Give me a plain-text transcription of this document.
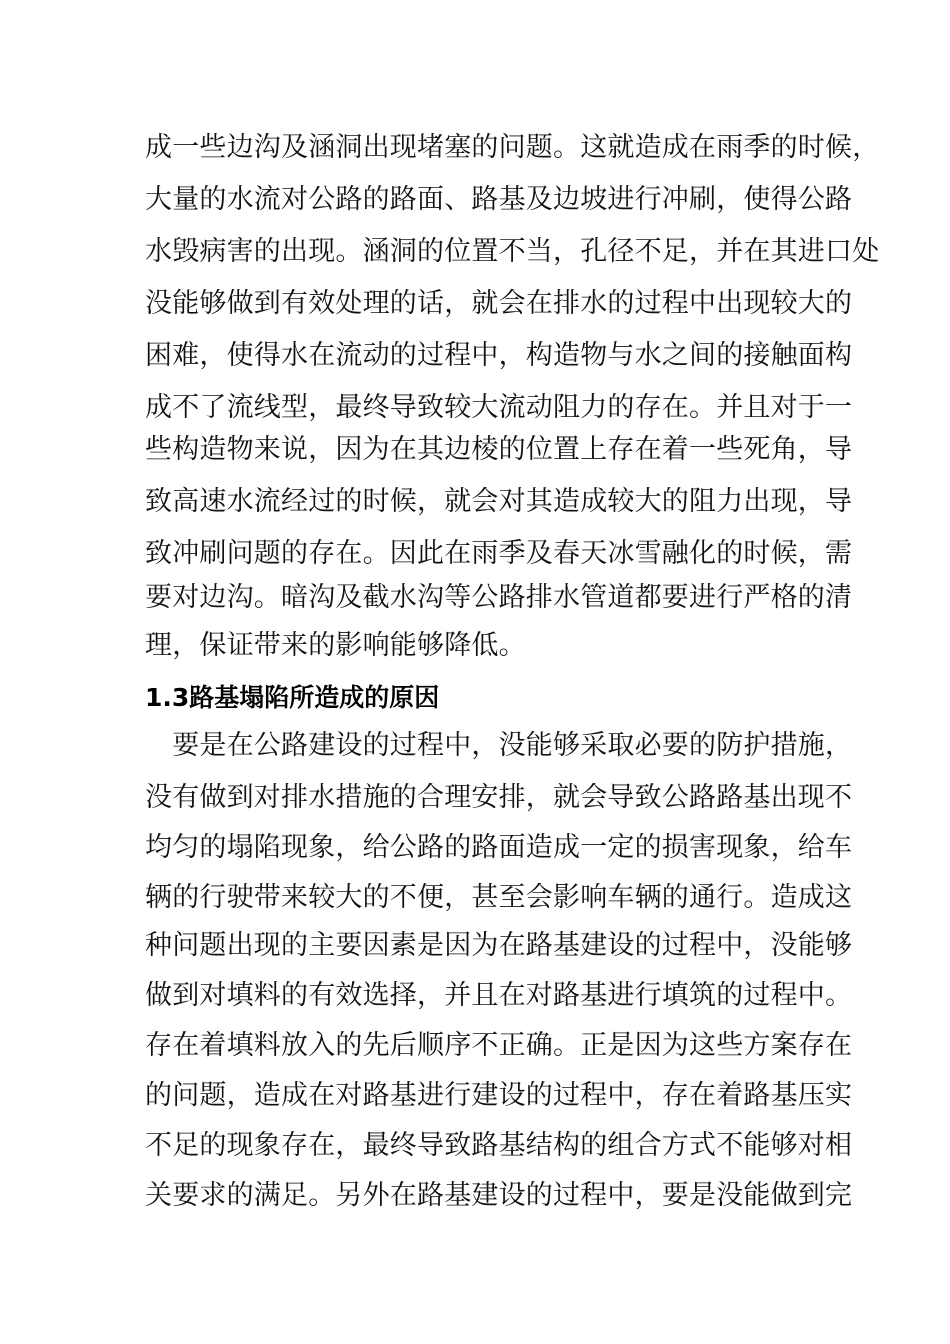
成一些边沟及涵洞出现堵塞的问题。这就造成在雨季的时候，
大量的水流对公路的路面、路基及边坡进行冲刷，使得公路
水毁病害的出现。涵洞的位置不当，孔径不足，并在其进口处
没能够做到有效处理的话，就会在排水的过程中出现较大的
困难，使得水在流动的过程中，构造物与水之间的接触面构
成不了流线型，最终导致较大流动阻力的存在。并且对于一
些构造物来说，因为在其边棱的位置上存在着一些死角，导
致高速水流经过的时候，就会对其造成较大的阻力出现，导
致冲刷问题的存在。因此在雨季及春天冰雪融化的时候，需
要对边沟。暗沟及截水沟等公路排水管道都要进行严格的清
理，保证带来的影响能够降低。
1.3路基塌陷所造成的原因
　要是在公路建设的过程中，没能够采取必要的防护措施，
没有做到对排水措施的合理安排，就会导致公路路基出现不
均匀的塌陷现象，给公路的路面造成一定的损害现象，给车
辆的行驶带来较大的不便，甚至会影响车辆的通行。造成这
种问题出现的主要因素是因为在路基建设的过程中，没能够
做到对填料的有效选择，并且在对路基进行填筑的过程中。
存在着填料放入的先后顺序不正确。正是因为这些方案存在
的问题，造成在对路基进行建设的过程中，存在着路基压实
不足的现象存在，最终导致路基结构的组合方式不能够对相
关要求的满足。另外在路基建设的过程中，要是没能做到完
